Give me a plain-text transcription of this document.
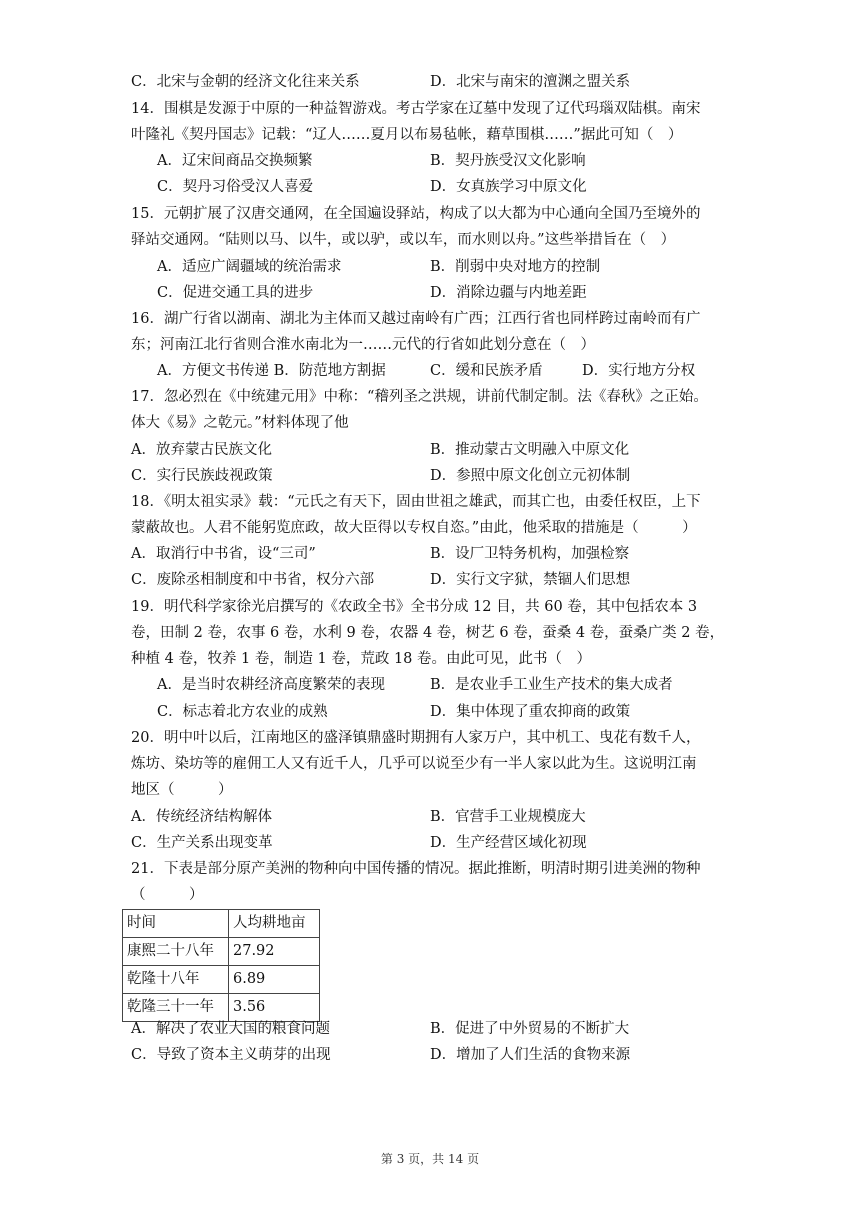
C．北宋与金朝的经济文化往来关系	D．北宋与南宋的澶渊之盟关系
14．围棋是发源于中原的一种益智游戏。考古学家在辽墓中发现了辽代玛瑙双陆棋。南宋
叶隆礼《契丹国志》记载：“辽人……夏月以布易毡帐，藉草围棋……”据此可知（　）
A．辽宋间商品交换频繁	B．契丹族受汉文化影响
C．契丹习俗受汉人喜爱	D．女真族学习中原文化
15．元朝扩展了汉唐交通网，在全国遍设驿站，构成了以大都为中心通向全国乃至境外的
驿站交通网。“陆则以马、以牛，或以驴，或以车，而水则以舟。”这些举措旨在（　）
A．适应广阔疆域的统治需求	B．削弱中央对地方的控制
C．促进交通工具的进步	D．消除边疆与内地差距
16．湖广行省以湖南、湖北为主体而又越过南岭有广西；江西行省也同样跨过南岭而有广
东；河南江北行省则合淮水南北为一……元代的行省如此划分意在（　）
A．方便文书传递 B．防范地方割据	C．缓和民族矛盾	D．实行地方分权
17．忽必烈在《中统建元用》中称：“稽列圣之洪规，讲前代制定制。法《春秋》之正始。
体大《易》之乾元。”材料体现了他
A．放弃蒙古民族文化	B．推动蒙古文明融入中原文化
C．实行民族歧视政策	D．参照中原文化创立元初体制
18．《明太祖实录》载：“元氏之有天下，固由世祖之雄武，而其亡也，由委任权臣，上下
蒙蔽故也。人君不能躬览庶政，故大臣得以专权自恣。”由此，他采取的措施是（　　　）
A．取消行中书省，设“三司”	B．设厂卫特务机构，加强检察
C．废除丞相制度和中书省，权分六部	D．实行文字狱，禁锢人们思想
19．明代科学家徐光启撰写的《农政全书》全书分成 12 目，共 60 卷，其中包括农本 3
卷，田制 2 卷，农事 6 卷，水利 9 卷，农器 4 卷，树艺 6 卷，蚕桑 4 卷，蚕桑广类 2 卷，
种植 4 卷，牧养 1 卷，制造 1 卷，荒政 18 卷。由此可见，此书（　）
A．是当时农耕经济高度繁荣的表现	B．是农业手工业生产技术的集大成者
C．标志着北方农业的成熟	D．集中体现了重农抑商的政策
20．明中叶以后，江南地区的盛泽镇鼎盛时期拥有人家万户，其中机工、曳花有数千人，
炼坊、染坊等的雇佣工人又有近千人，几乎可以说至少有一半人家以此为生。这说明江南
地区（　　　）
A．传统经济结构解体	B．官营手工业规模庞大
C．生产关系出现变革	D．生产经营区域化初现
21．下表是部分原产美洲的物种向中国传播的情况。据此推断，明清时期引进美洲的物种
（　　　）
时间	人均耕地亩
康熙二十八年	27.92
乾隆十八年	6.89
乾隆三十一年	3.56
A．解决了农业大国的粮食问题	B．促进了中外贸易的不断扩大
C．导致了资本主义萌芽的出现	D．增加了人们生活的食物来源
第 3 页，共 14 页
